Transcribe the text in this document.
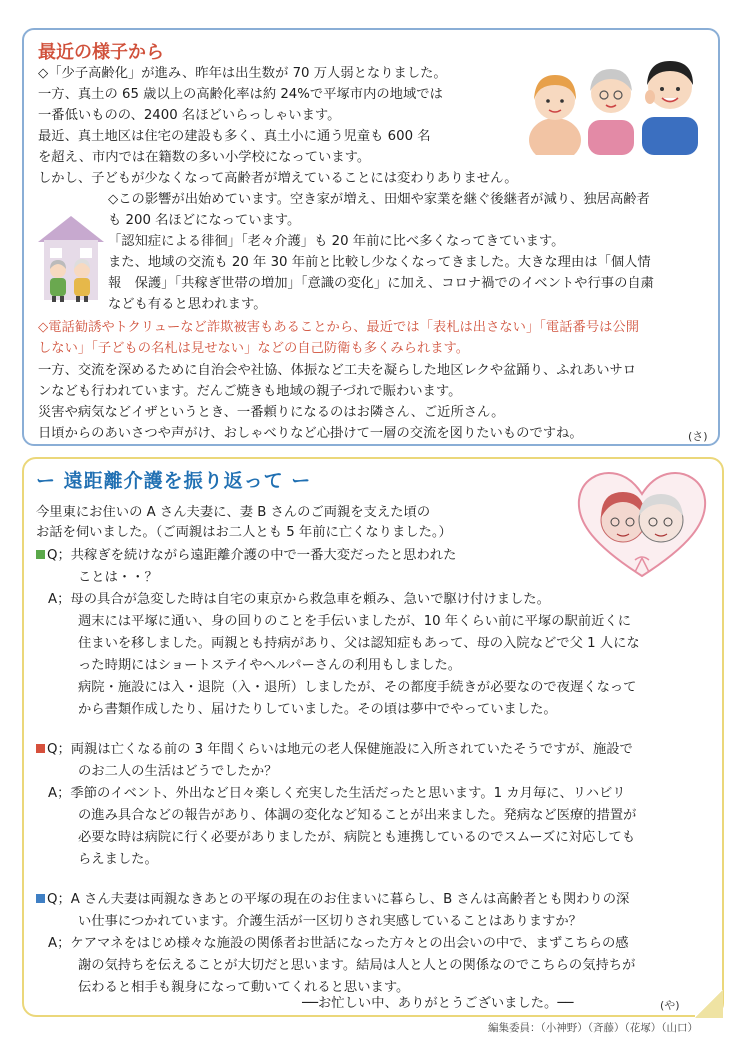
最近の様子から
◇「少子高齢化」が進み、昨年は出生数が 70 万人弱となりました。
一方、真土の 65 歳以上の高齢化率は約 24%で平塚市内の地域では
一番低いものの、2400 名ほどいらっしゃいます。
最近、真土地区は住宅の建設も多く、真土小に通う児童も 600 名
を超え、市内では在籍数の多い小学校になっています。
しかし、子どもが少なくなって高齢者が増えていることには変わりありません。
◇この影響が出始めています。空き家が増え、田畑や家業を継ぐ後継者が減り、独居高齢者
も 200 名ほどになっています。
「認知症による徘徊」「老々介護」も 20 年前に比べ多くなってきています。
また、地域の交流も 20 年 30 年前と比較し少なくなってきました。大きな理由は「個人情
報　保護」「共稼ぎ世帯の増加」「意識の変化」に加え、コロナ禍でのイベントや行事の自粛
なども有ると思われます。
◇電話勧誘やトクリューなど詐欺被害もあることから、最近では「表札は出さない」「電話番号は公開
しない」「子どもの名札は見せない」などの自己防衛も多くみられます。
一方、交流を深めるために自治会や社協、体振など工夫を凝らした地区レクや盆踊り、ふれあいサロ
ンなども行われています。だんご焼きも地域の親子づれで賑わいます。
災害や病気などイザというとき、一番頼りになるのはお隣さん、ご近所さん。
日頃からのあいさつや声がけ、おしゃべりなど心掛けて一層の交流を図りたいものですね。	(さ)
ー 遠距離介護を振り返って ー
今里東にお住いの A さん夫妻に、妻 B さんのご両親を支えた頃の
お話を伺いました。（ご両親はお二人とも 5 年前に亡くなりました。）
Q；共稼ぎを続けながら遠距離介護の中で一番大変だったと思われた
ことは・・？
A；母の具合が急変した時は自宅の東京から救急車を頼み、急いで駆け付けました。
週末には平塚に通い、身の回りのことを手伝いましたが、10 年くらい前に平塚の駅前近くに
住まいを移しました。両親とも持病があり、父は認知症もあって、母の入院などで父 1 人にな
った時期にはショートステイやヘルパーさんの利用もしました。
病院・施設には入・退院（入・退所）しましたが、その都度手続きが必要なので夜遅くなって
から書類作成したり、届けたりしていました。その頃は夢中でやっていました。
Q；両親は亡くなる前の 3 年間くらいは地元の老人保健施設に入所されていたそうですが、施設で
のお二人の生活はどうでしたか？
A；季節のイベント、外出など日々楽しく充実した生活だったと思います。1 カ月毎に、リハビリ
の進み具合などの報告があり、体調の変化など知ることが出来ました。発病など医療的措置が
必要な時は病院に行く必要がありましたが、病院とも連携しているのでスムーズに対応しても
らえました。
Q；A さん夫妻は両親なきあとの平塚の現在のお住まいに暮らし、B さんは高齢者とも関わりの深
い仕事につかれています。介護生活が一区切りされ実感していることはありますか？
A；ケアマネをはじめ様々な施設の関係者お世話になった方々との出会いの中で、まずこちらの感
謝の気持ちを伝えることが大切だと思います。結局は人と人との関係なのでこちらの気持ちが
伝わると相手も親身になって動いてくれると思います。
──お忙しい中、ありがとうございました。──	(や)
編集委員：（小神野）（斉藤）（花塚）（山口）
